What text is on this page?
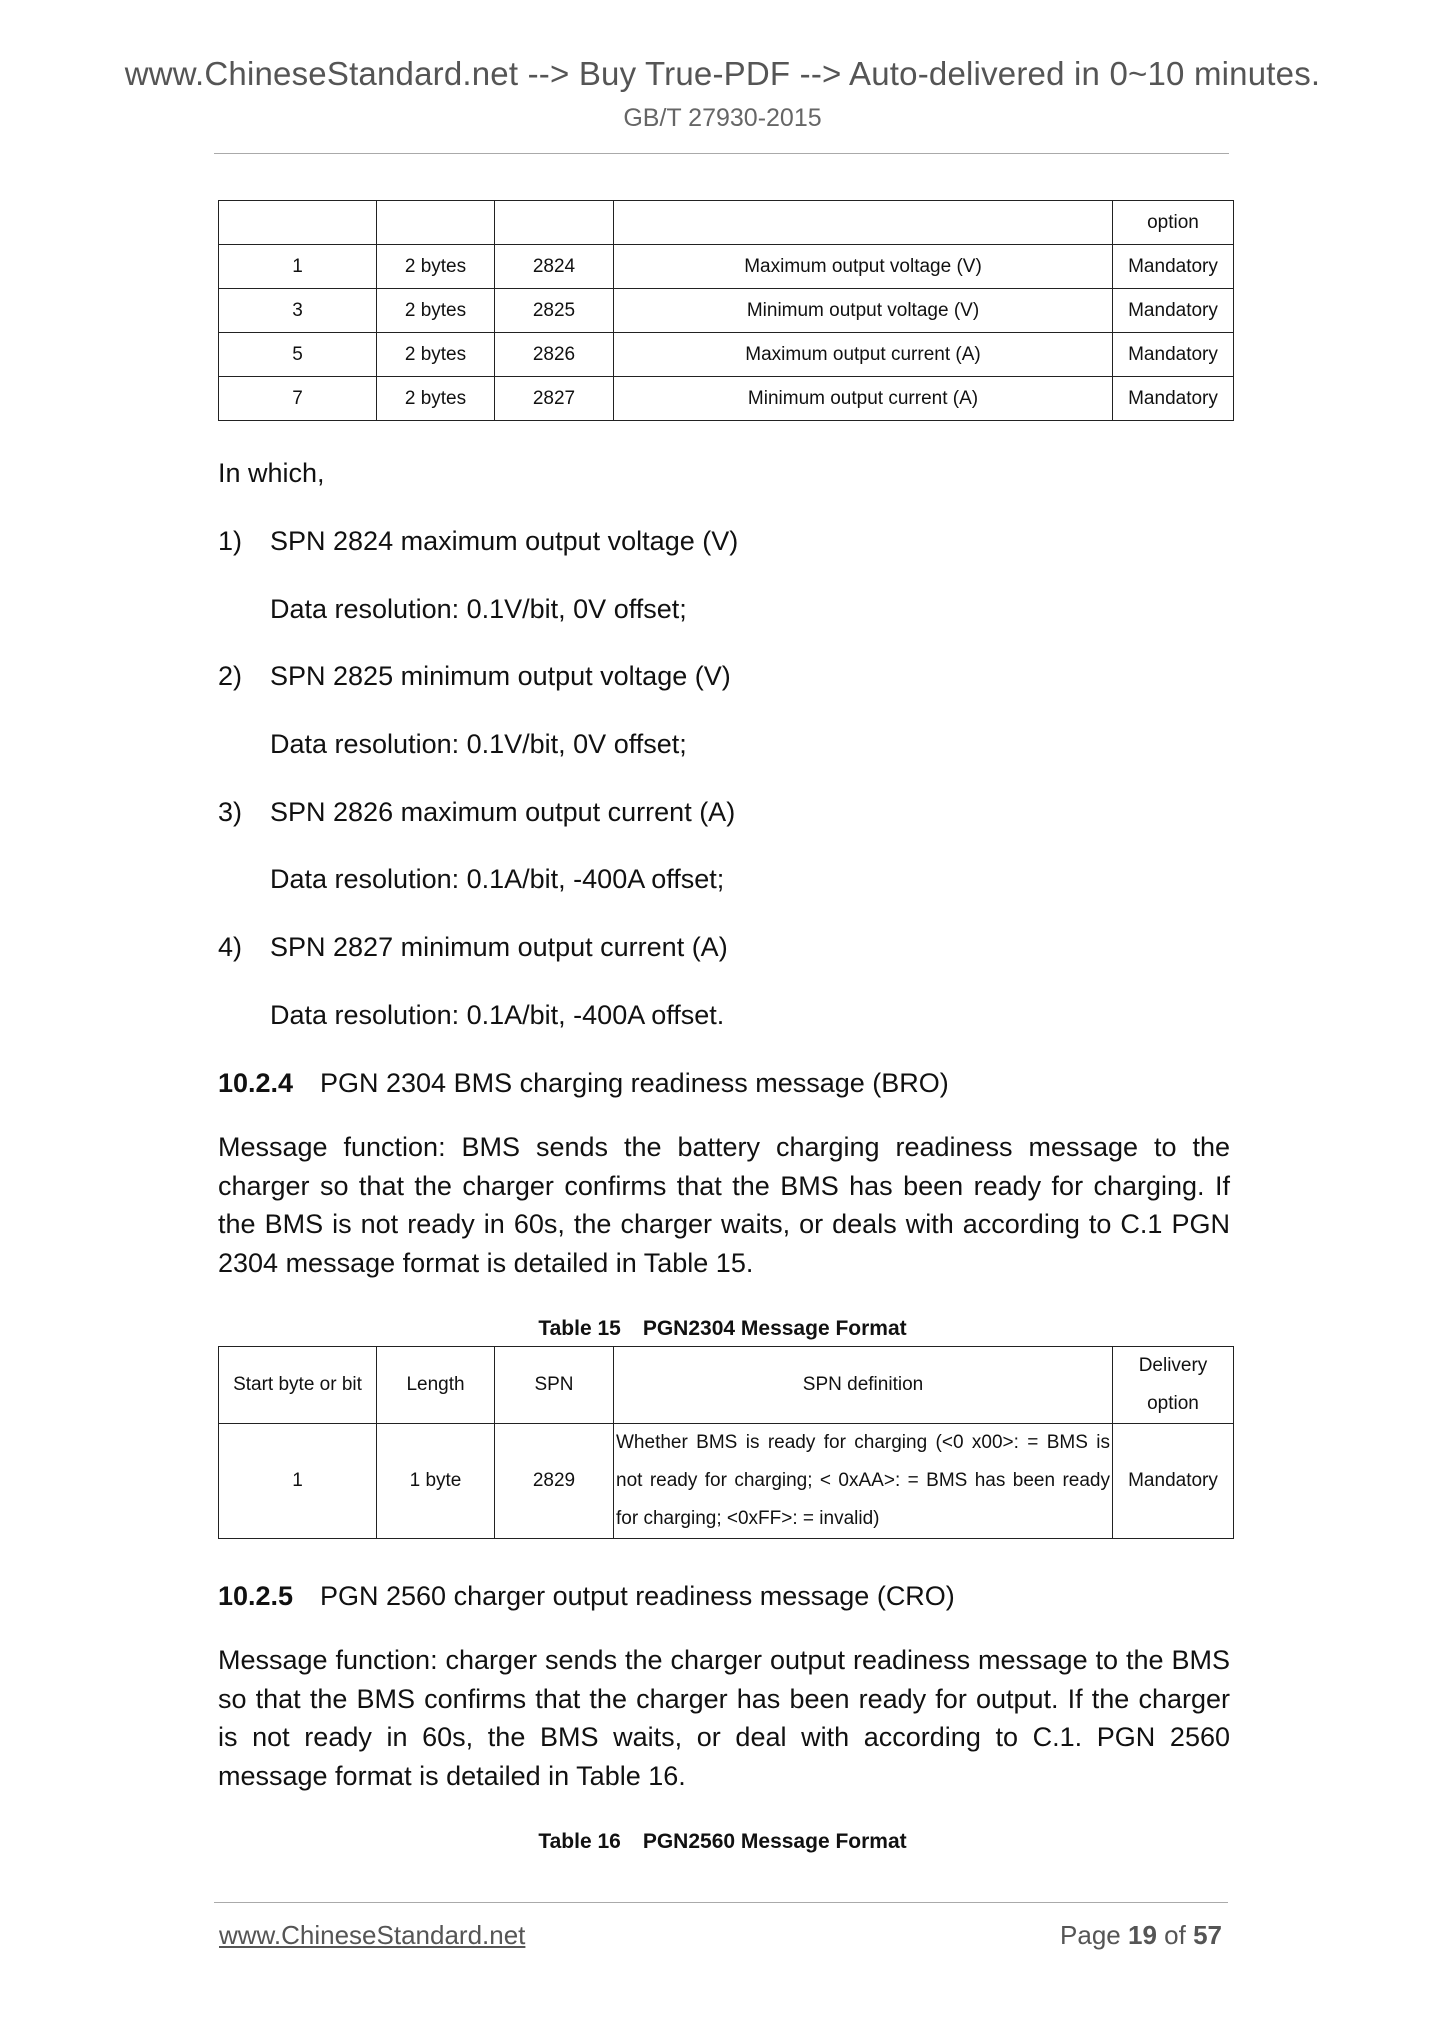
www.ChineseStandard.net --> Buy True-PDF --> Auto-delivered in 0~10 minutes.
GB/T 27930-2015
				option
1	2 bytes	2824	Maximum output voltage (V)	Mandatory
3	2 bytes	2825	Minimum output voltage (V)	Mandatory
5	2 bytes	2826	Maximum output current (A)	Mandatory
7	2 bytes	2827	Minimum output current (A)	Mandatory
In which,
1) SPN 2824 maximum output voltage (V)
Data resolution: 0.1V/bit, 0V offset;
2) SPN 2825 minimum output voltage (V)
Data resolution: 0.1V/bit, 0V offset;
3) SPN 2826 maximum output current (A)
Data resolution: 0.1A/bit, -400A offset;
4) SPN 2827 minimum output current (A)
Data resolution: 0.1A/bit, -400A offset.
10.2.4 PGN 2304 BMS charging readiness message (BRO)
Message function: BMS sends the battery charging readiness message to the charger so that the charger confirms that the BMS has been ready for charging. If the BMS is not ready in 60s, the charger waits, or deals with according to C.1 PGN 2304 message format is detailed in Table 15.
Table 15 PGN2304 Message Format
Start byte or bit	Length	SPN	SPN definition	Delivery option
1	1 byte	2829	Whether BMS is ready for charging (<0 x00>: = BMS is not ready for charging; < 0xAA>: = BMS has been ready for charging; <0xFF>: = invalid)	Mandatory
10.2.5 PGN 2560 charger output readiness message (CRO)
Message function: charger sends the charger output readiness message to the BMS so that the BMS confirms that the charger has been ready for output. If the charger is not ready in 60s, the BMS waits, or deal with according to C.1. PGN 2560 message format is detailed in Table 16.
Table 16 PGN2560 Message Format
www.ChineseStandard.net	Page 19 of 57
